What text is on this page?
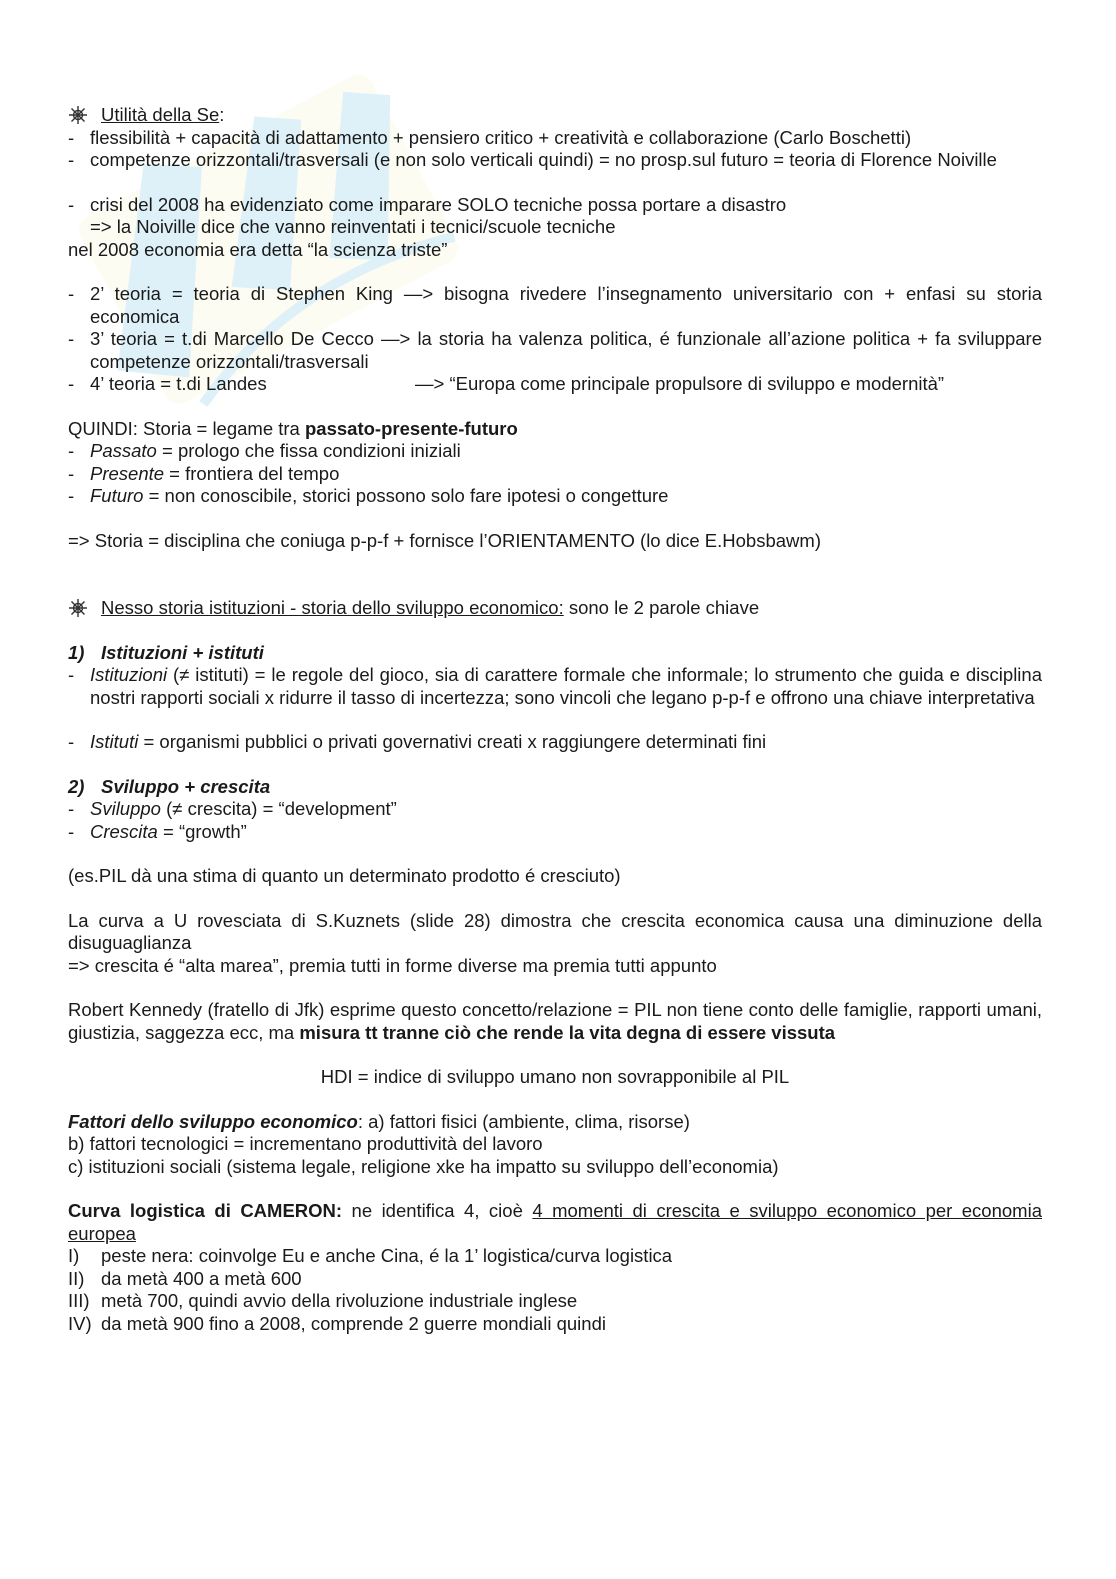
Utilità della Se:

- flessibilità + capacità di adattamento + pensiero critico + creatività e collaborazione (Carlo Boschetti)

- competenze orizzontali/trasversali (e non solo verticali quindi) = no prosp.sul futuro = teoria di Florence Noiville

- crisi del 2008 ha evidenziato come imparare SOLO tecniche possa portare a disastro

=> la Noiville dice che vanno reinventati i tecnici/scuole tecniche

nel 2008 economia era detta “la scienza triste”

- 2’ teoria = teoria di Stephen King —> bisogna rivedere l’insegnamento universitario con + enfasi su storia economica

- 3’ teoria = t.di Marcello De Cecco —> la storia ha valenza politica, é funzionale all’azione politica + fa sviluppare competenze orizzontali/trasversali

- 4’ teoria = t.di Landes	—> “Europa come principale propulsore di sviluppo e modernità”

QUINDI: Storia = legame tra passato-presente-futuro

- Passato = prologo che fissa condizioni iniziali

- Presente = frontiera del tempo

- Futuro = non conoscibile, storici possono solo fare ipotesi o congetture

=> Storia = disciplina che coniuga p-p-f + fornisce l’ORIENTAMENTO (lo dice E.Hobsbawm)

Nesso storia istituzioni - storia dello sviluppo economico: sono le 2 parole chiave

1) Istituzioni + istituti

- Istituzioni (≠ istituti) = le regole del gioco, sia di carattere formale che informale; lo strumento che guida e disciplina nostri rapporti sociali x ridurre il tasso di incertezza; sono vincoli che legano p-p-f e offrono una chiave interpretativa

- Istituti = organismi pubblici o privati governativi creati x raggiungere determinati fini

2) Sviluppo + crescita

- Sviluppo (≠ crescita) = “development”

- Crescita = “growth”

(es.PIL dà una stima di quanto un determinato prodotto é cresciuto)

La curva a U rovesciata di S.Kuznets (slide 28) dimostra che crescita economica causa una diminuzione della disuguaglianza

=> crescita é “alta marea”, premia tutti in forme diverse ma premia tutti appunto

Robert Kennedy (fratello di Jfk) esprime questo concetto/relazione = PIL non tiene conto delle famiglie, rapporti umani, giustizia, saggezza ecc, ma misura tt tranne ciò che rende la vita degna di essere vissuta

HDI = indice di sviluppo umano non sovrapponibile al PIL

Fattori dello sviluppo economico: a) fattori fisici (ambiente, clima, risorse)

b) fattori tecnologici = incrementano produttività del lavoro

c) istituzioni sociali (sistema legale, religione xke ha impatto su sviluppo dell’economia)

Curva logistica di CAMERON: ne identifica 4, cioè 4 momenti di crescita e sviluppo economico per economia europea

I) peste nera: coinvolge Eu e anche Cina, é la 1’ logistica/curva logistica

II) da metà 400 a metà 600

III) metà 700, quindi avvio della rivoluzione industriale inglese

IV) da metà 900 fino a 2008, comprende 2 guerre mondiali quindi
